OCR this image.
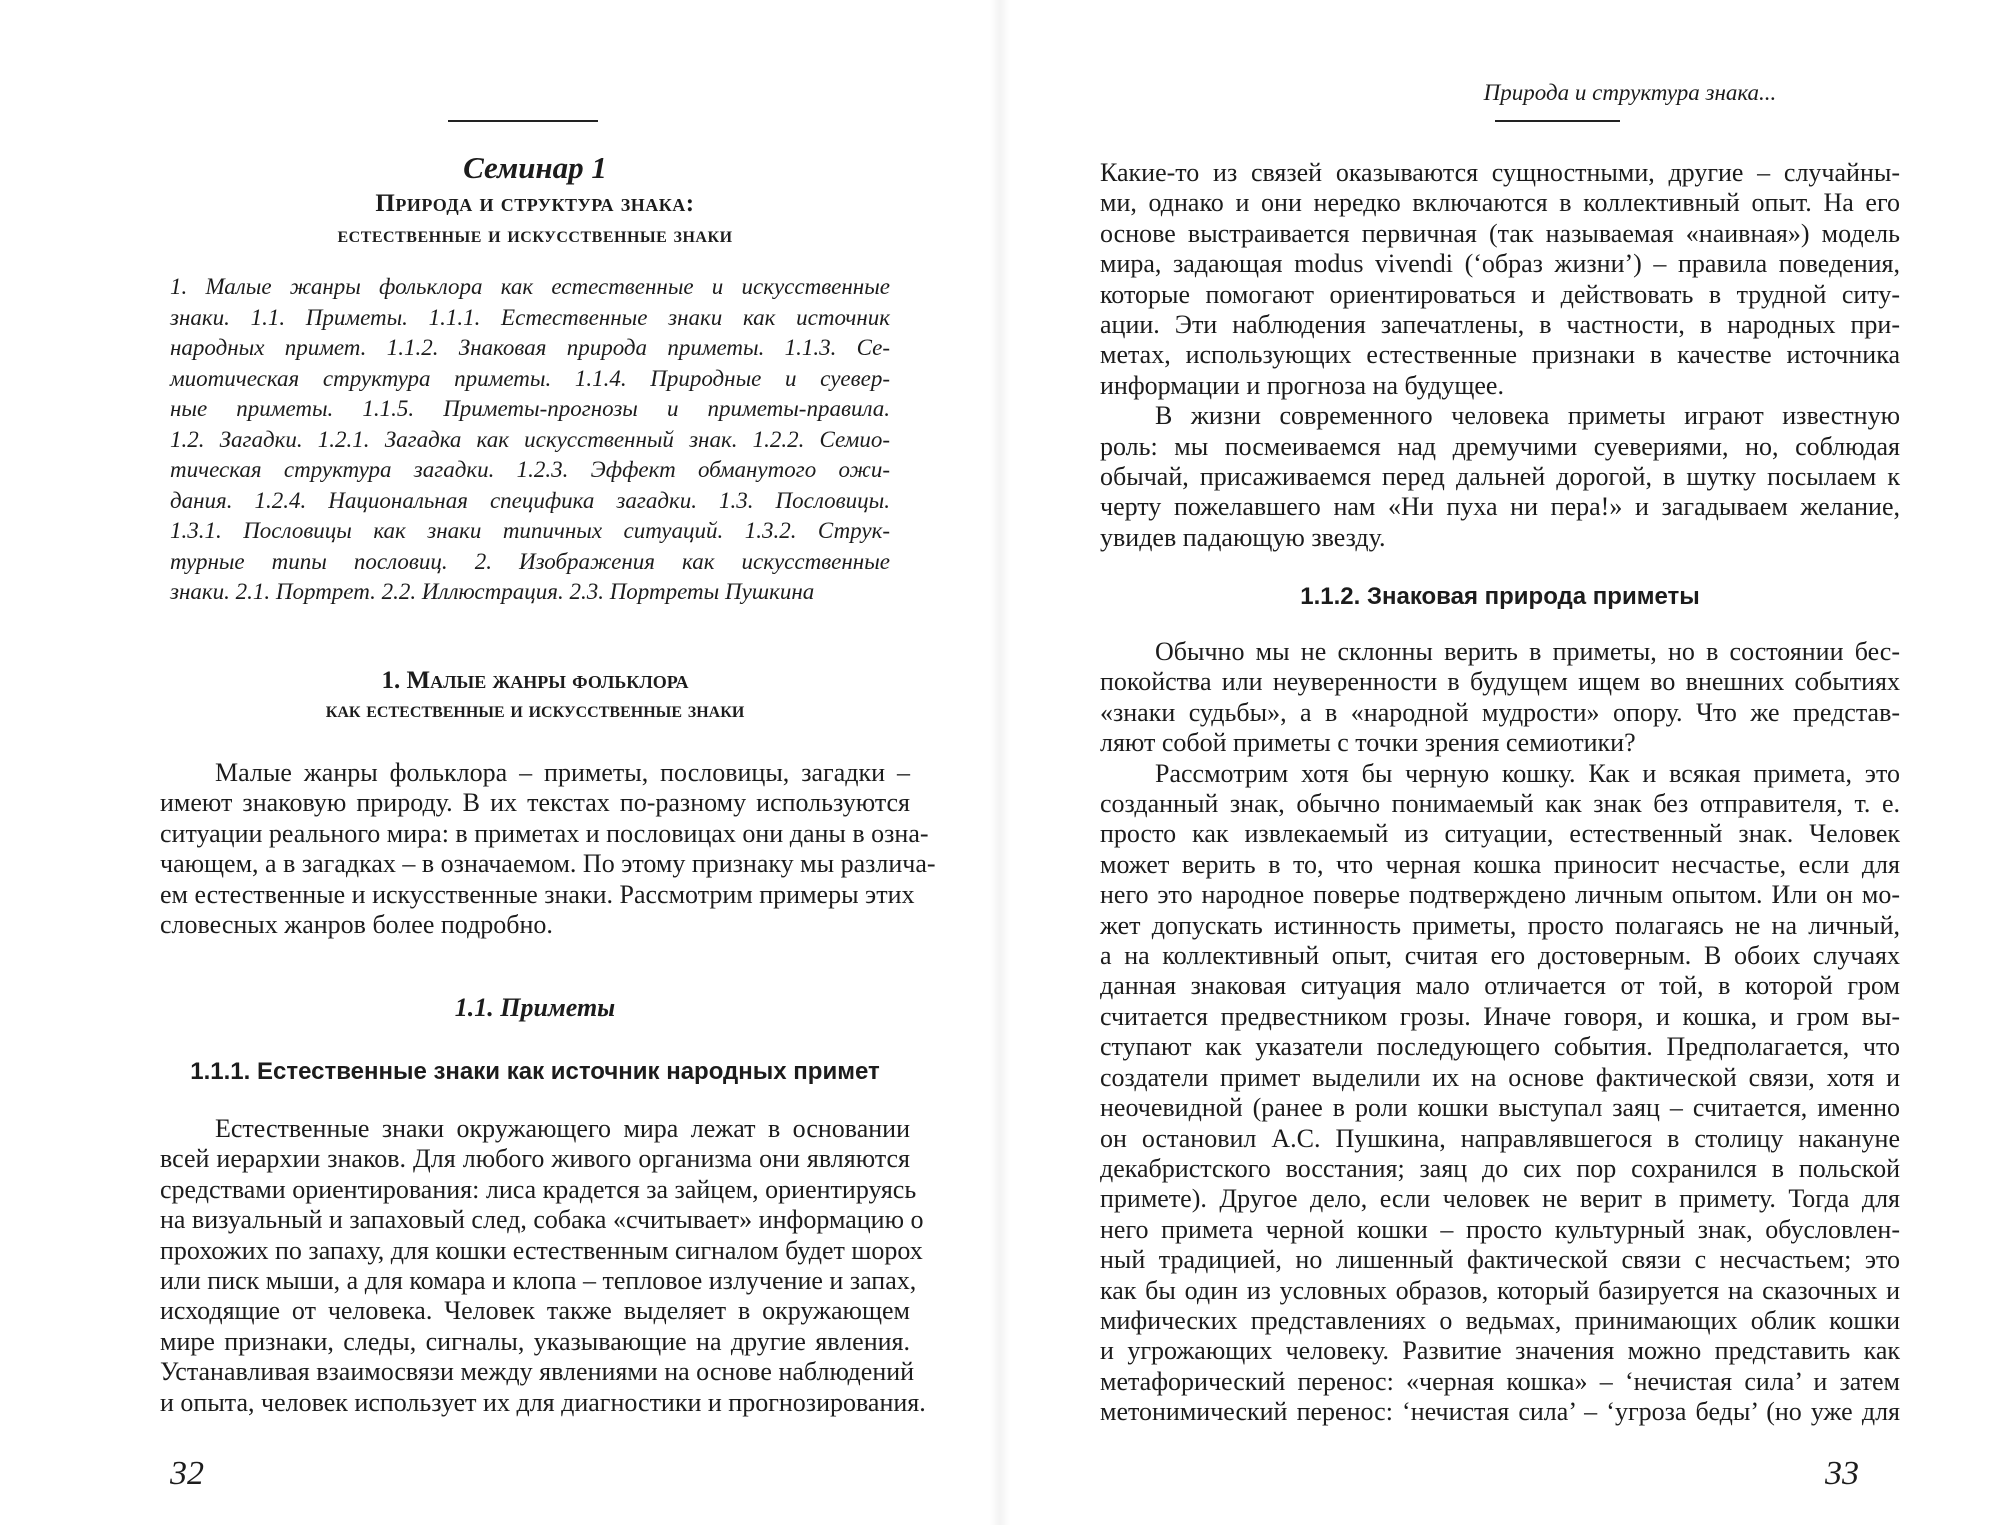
Семинар 1
Природа и структура знака:
естественные и искусственные знаки
1. Малые жанры фольклора как естественные и искусственные
знаки. 1.1. Приметы. 1.1.1. Естественные знаки как источник
народных примет. 1.1.2. Знаковая природа приметы. 1.1.3. Се-
миотическая структура приметы. 1.1.4. Природные и суевер-
ные приметы. 1.1.5. Приметы-прогнозы и приметы-правила.
1.2. Загадки. 1.2.1. Загадка как искусственный знак. 1.2.2. Семио-
тическая структура загадки. 1.2.3. Эффект обманутого ожи-
дания. 1.2.4. Национальная специфика загадки. 1.3. Пословицы.
1.3.1. Пословицы как знаки типичных ситуаций. 1.3.2. Струк-
турные типы пословиц. 2. Изображения как искусственные
знаки. 2.1. Портрет. 2.2. Иллюстрация. 2.3. Портреты Пушкина
1. Малые жанры фольклора
как естественные и искусственные знаки
Малые жанры фольклора – приметы, пословицы, загадки –
имеют знаковую природу. В их текстах по-разному используются
ситуации реального мира: в приметах и пословицах они даны в озна-
чающем, а в загадках – в означаемом. По этому признаку мы различа-
ем естественные и искусственные знаки. Рассмотрим примеры этих
словесных жанров более подробно.
1.1. Приметы
1.1.1. Естественные знаки как источник народных примет
Естественные знаки окружающего мира лежат в основании
всей иерархии знаков. Для любого живого организма они являются
средствами ориентирования: лиса крадется за зайцем, ориентируясь
на визуальный и запаховый след, собака «считывает» информацию о
прохожих по запаху, для кошки естественным сигналом будет шорох
или писк мыши, а для комара и клопа – тепловое излучение и запах,
исходящие от человека. Человек также выделяет в окружающем
мире признаки, следы, сигналы, указывающие на другие явления.
Устанавливая взаимосвязи между явлениями на основе наблюдений
и опыта, человек использует их для диагностики и прогнозирования.
32
Природа и структура знака...
Какие-то из связей оказываются сущностными, другие – случайны-
ми, однако и они нередко включаются в коллективный опыт. На его
основе выстраивается первичная (так называемая «наивная») модель
мира, задающая modus vivendi (‘образ жизни’) – правила поведения,
которые помогают ориентироваться и действовать в трудной ситу-
ации. Эти наблюдения запечатлены, в частности, в народных при-
метах, использующих естественные признаки в качестве источника
информации и прогноза на будущее.
В жизни современного человека приметы играют известную
роль: мы посмеиваемся над дремучими суевериями, но, соблюдая
обычай, присаживаемся перед дальней дорогой, в шутку посылаем к
черту пожелавшего нам «Ни пуха ни пера!» и загадываем желание,
увидев падающую звезду.
1.1.2. Знаковая природа приметы
Обычно мы не склонны верить в приметы, но в состоянии бес-
покойства или неуверенности в будущем ищем во внешних событиях
«знаки судьбы», а в «народной мудрости» опору. Что же представ-
ляют собой приметы с точки зрения семиотики?
Рассмотрим хотя бы черную кошку. Как и всякая примета, это
созданный знак, обычно понимаемый как знак без отправителя, т. е.
просто как извлекаемый из ситуации, естественный знак. Человек
может верить в то, что черная кошка приносит несчастье, если для
него это народное поверье подтверждено личным опытом. Или он мо-
жет допускать истинность приметы, просто полагаясь не на личный,
а на коллективный опыт, считая его достоверным. В обоих случаях
данная знаковая ситуация мало отличается от той, в которой гром
считается предвестником грозы. Иначе говоря, и кошка, и гром вы-
ступают как указатели последующего события. Предполагается, что
создатели примет выделили их на основе фактической связи, хотя и
неочевидной (ранее в роли кошки выступал заяц – считается, именно
он остановил А.С. Пушкина, направлявшегося в столицу накануне
декабристского восстания; заяц до сих пор сохранился в польской
примете). Другое дело, если человек не верит в примету. Тогда для
него примета черной кошки – просто культурный знак, обусловлен-
ный традицией, но лишенный фактической связи с несчастьем; это
как бы один из условных образов, который базируется на сказочных и
мифических представлениях о ведьмах, принимающих облик кошки
и угрожающих человеку. Развитие значения можно представить как
метафорический перенос: «черная кошка» – ‘нечистая сила’ и затем
метонимический перенос: ‘нечистая сила’ – ‘угроза беды’ (но уже для
33
